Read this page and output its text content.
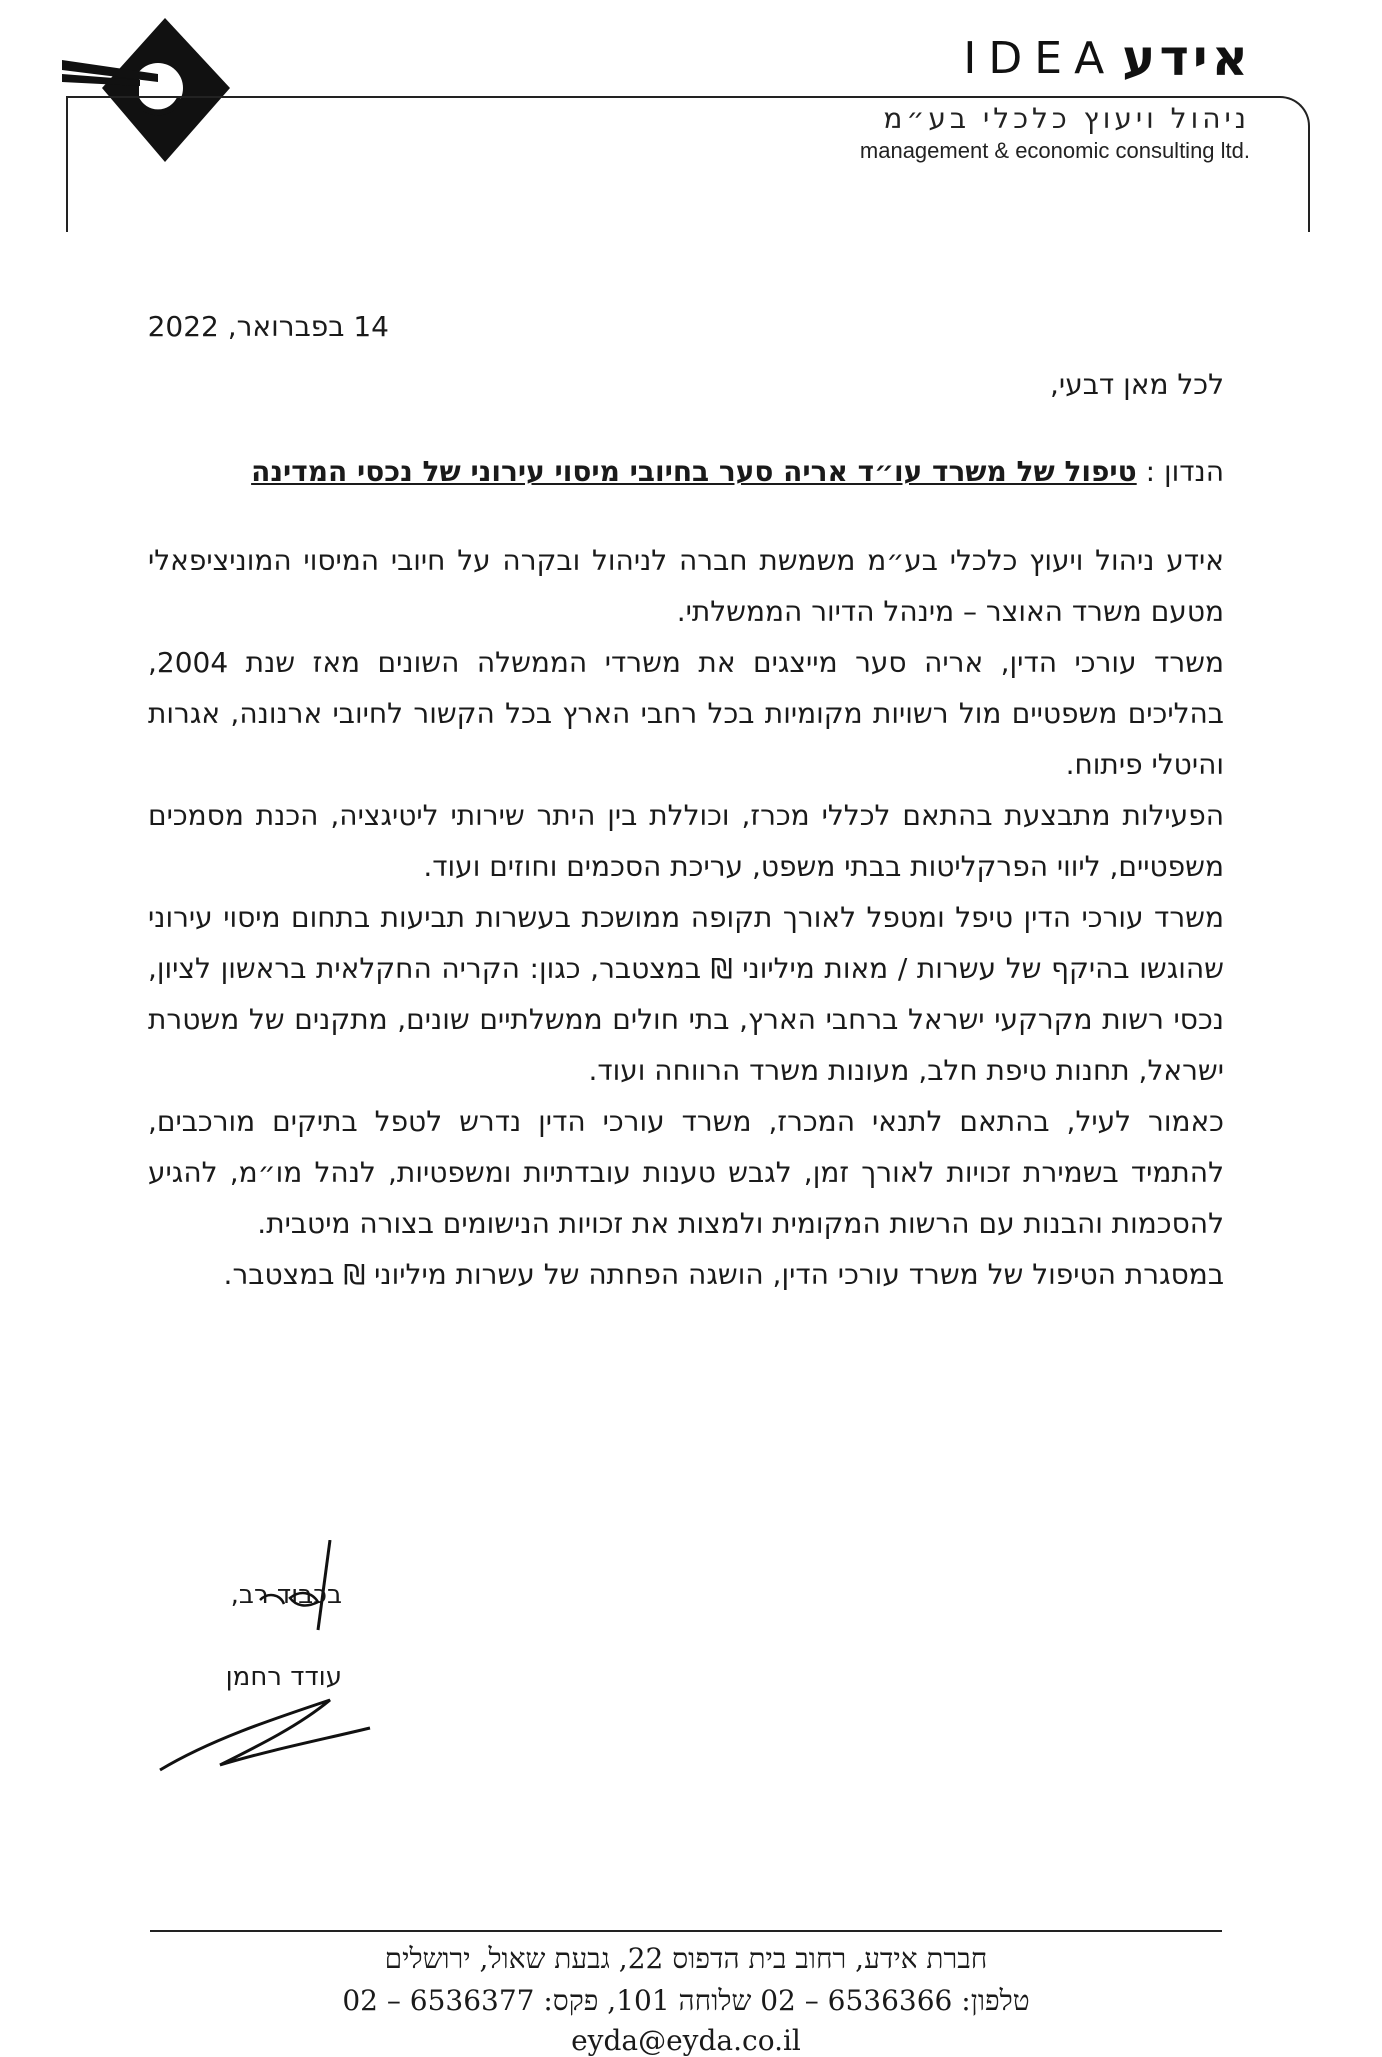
IDEA אידע
ניהול ויעוץ כלכלי בע״מ
management & economic consulting ltd.
14 בפברואר, 2022
לכל מאן דבעי,
הנדון : טיפול של משרד עו״ד אריה סער בחיובי מיסוי עירוני של נכסי המדינה

אידע ניהול ויעוץ כלכלי בע״מ משמשת חברה לניהול ובקרה על חיובי המיסוי המוניציפאלי מטעם משרד האוצר – מינהל הדיור הממשלתי.

משרד עורכי הדין, אריה סער מייצגים את משרדי הממשלה השונים מאז שנת 2004, בהליכים משפטיים מול רשויות מקומיות בכל רחבי הארץ בכל הקשור לחיובי ארנונה, אגרות והיטלי פיתוח.

הפעילות מתבצעת בהתאם לכללי מכרז, וכוללת בין היתר שירותי ליטיגציה, הכנת מסמכים משפטיים, ליווי הפרקליטות בבתי משפט, עריכת הסכמים וחוזים ועוד.

משרד עורכי הדין טיפל ומטפל לאורך תקופה ממושכת בעשרות תביעות בתחום מיסוי עירוני שהוגשו בהיקף של עשרות / מאות מיליוני ₪ במצטבר, כגון: הקריה החקלאית בראשון לציון, נכסי רשות מקרקעי ישראל ברחבי הארץ, בתי חולים ממשלתיים שונים, מתקנים של משטרת ישראל, תחנות טיפת חלב, מעונות משרד הרווחה ועוד.

כאמור לעיל, בהתאם לתנאי המכרז, משרד עורכי הדין נדרש לטפל בתיקים מורכבים, להתמיד בשמירת זכויות לאורך זמן, לגבש טענות עובדתיות ומשפטיות, לנהל מו״מ, להגיע להסכמות והבנות עם הרשות המקומית ולמצות את זכויות הנישומים בצורה מיטבית.

במסגרת הטיפול של משרד עורכי הדין, הושגה הפחתה של עשרות מיליוני ₪ במצטבר.

בכבוד רב,
עודד רחמן
חברת אידע, רחוב בית הדפוס 22, גבעת שאול, ירושלים
טלפון: 6536366 – 02 שלוחה 101, פקס: 6536377 – 02
eyda@eyda.co.il
